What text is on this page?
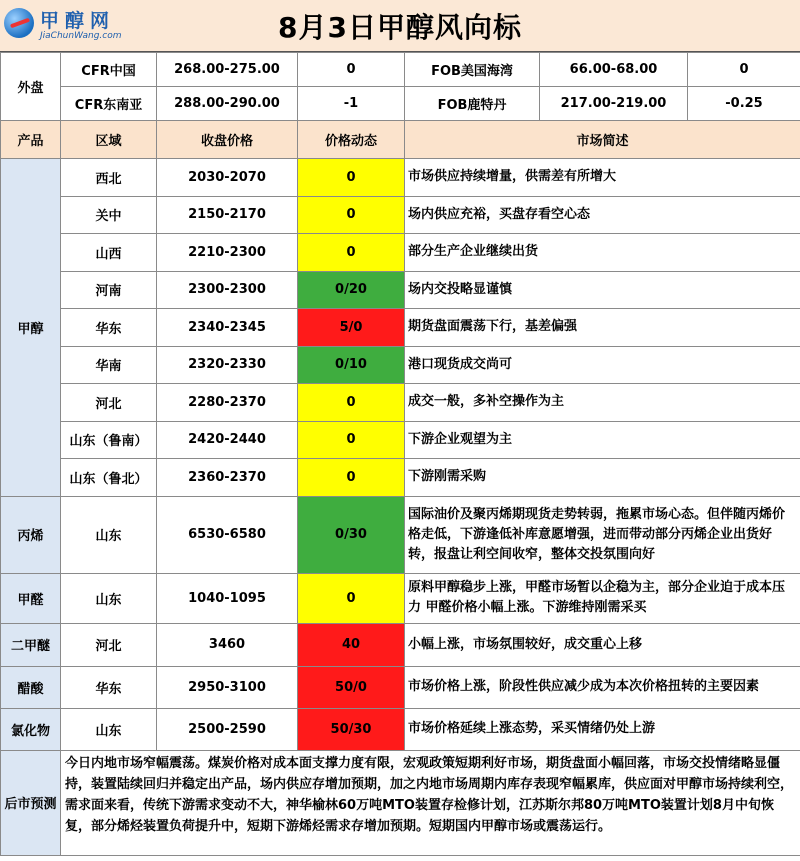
甲醇网
JiaChunWang.com	8月3日甲醇风向标
外盘	CFR中国	268.00-275.00	0	FOB美国海湾	66.00-68.00	0
	CFR东南亚	288.00-290.00	-1	FOB鹿特丹	217.00-219.00	-0.25
产品	区域	收盘价格	价格动态	市场简述		
甲醇	西北	2030-2070	0	市场供应持续增量，供需差有所增大		
	关中	2150-2170	0	场内供应充裕，买盘存看空心态		
	山西	2210-2300	0	部分生产企业继续出货		
	河南	2300-2300	0/20	场内交投略显谨慎		
	华东	2340-2345	5/0	期货盘面震荡下行，基差偏强		
	华南	2320-2330	0/10	港口现货成交尚可		
	河北	2280-2370	0	成交一般，多补空操作为主		
	山东（鲁南）	2420-2440	0	下游企业观望为主		
	山东（鲁北）	2360-2370	0	下游刚需采购		
丙烯	山东	6530-6580	0/30	国际油价及聚丙烯期现货走势转弱，拖累市场心态。但伴随丙烯价格走低，下游逢低补库意愿增强，进而带动部分丙烯企业出货好转，报盘让利空间收窄，整体交投氛围向好		
甲醛	山东	1040-1095	0	原料甲醇稳步上涨，甲醛市场暂以企稳为主，部分企业迫于成本压力 甲醛价格小幅上涨。下游维持刚需采买		
二甲醚	河北	3460	40	小幅上涨，市场氛围较好，成交重心上移		
醋酸	华东	2950-3100	50/0	市场价格上涨，阶段性供应减少成为本次价格扭转的主要因素		
氯化物	山东	2500-2590	50/30	市场价格延续上涨态势，采买情绪仍处上游		
后市预测	今日内地市场窄幅震荡。煤炭价格对成本面支撑力度有限，宏观政策短期利好市场，期货盘面小幅回落，市场交投情绪略显僵持，装置陆续回归并稳定出产品，场内供应存增加预期，加之内地市场周期内库存表现窄幅累库，供应面对甲醇市场持续利空，需求面来看，传统下游需求变动不大，神华榆林60万吨MTO装置存检修计划，江苏斯尔邦80万吨MTO装置计划8月中旬恢复，部分烯烃装置负荷提升中，短期下游烯烃需求存增加预期。短期国内甲醇市场或震荡运行。					
